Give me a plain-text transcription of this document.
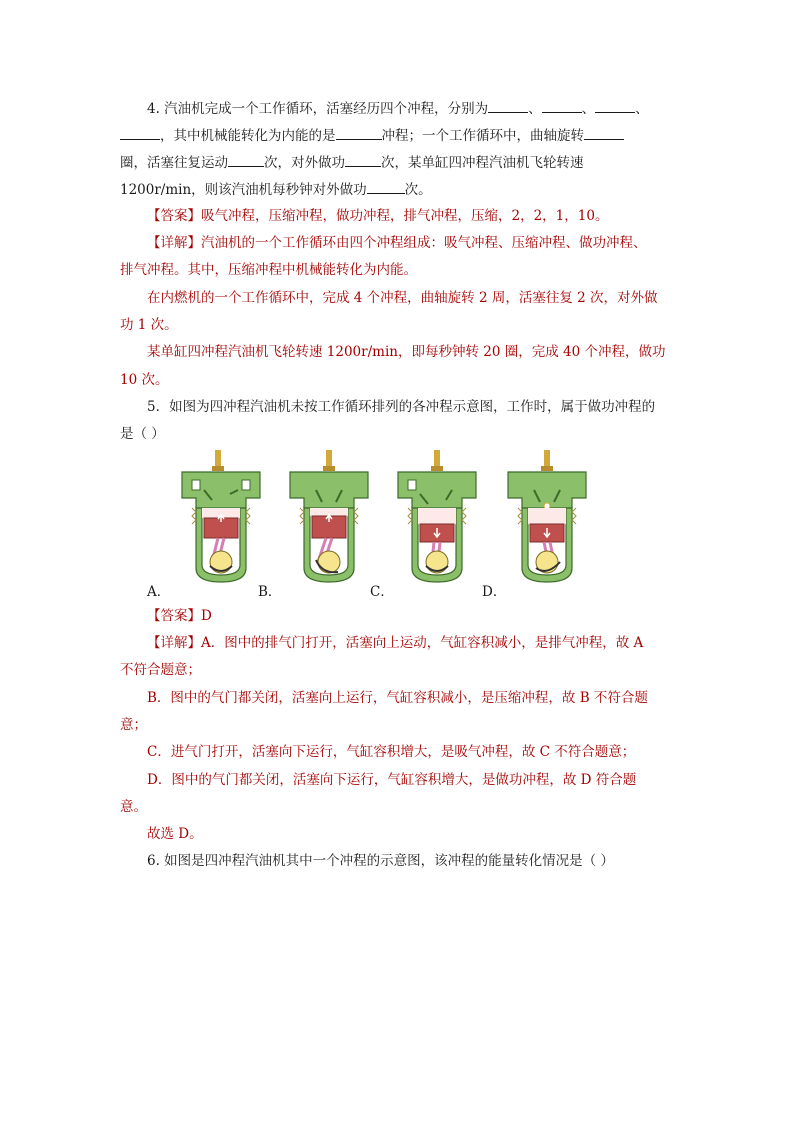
4. 汽油机完成一个工作循环，活塞经历四个冲程，分别为	、	、	、
，其中机械能转化为内能的是	冲程；一个工作循环中，曲轴旋转
圈，活塞往复运动	次，对外做功	次，某单缸四冲程汽油机飞轮转速
1200r/min，则该汽油机每秒钟对外做功	次。
【答案】吸气冲程，压缩冲程，做功冲程，排气冲程，压缩，2，2，1，10。
【详解】汽油机的一个工作循环由四个冲程组成：吸气冲程、压缩冲程、做功冲程、
排气冲程。其中，压缩冲程中机械能转化为内能。
在内燃机的一个工作循环中，完成 4 个冲程，曲轴旋转 2 周，活塞往复 2 次，对外做
功 1 次。
某单缸四冲程汽油机飞轮转速 1200r/min，即每秒钟转 20 圈，完成 40 个冲程，做功
10 次。
5．如图为四冲程汽油机未按工作循环排列的各冲程示意图，工作时，属于做功冲程的
是（ ）
A．	B．	C．	D．
【答案】D
【详解】A．图中的排气门打开，活塞向上运动，气缸容积减小，是排气冲程，故 A
不符合题意；
B．图中的气门都关闭，活塞向上运行，气缸容积减小，是压缩冲程，故 B 不符合题
意；
C．进气门打开，活塞向下运行，气缸容积增大，是吸气冲程，故 C 不符合题意；
D．图中的气门都关闭，活塞向下运行，气缸容积增大，是做功冲程，故 D 符合题
意。
故选 D。
6. 如图是四冲程汽油机其中一个冲程的示意图，该冲程的能量转化情况是（ ）
